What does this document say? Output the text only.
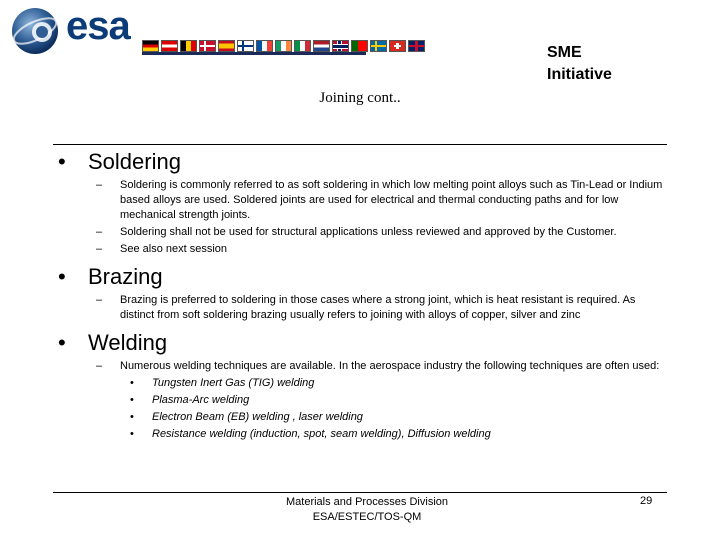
esa
SME
Initiative
Joining cont..
•	Soldering
–	Soldering is commonly referred to as soft soldering in which low melting point alloys such as Tin-Lead or Indium based alloys are used. Soldered joints are used for electrical and thermal conducting paths and for low mechanical strength joints.
–	Soldering shall not be used for structural applications unless reviewed and approved by the Customer.
–	See also next session
•	Brazing
–	Brazing is preferred to soldering in those cases where a strong joint, which is heat resistant is required. As distinct from soft soldering brazing usually refers to joining with alloys of copper, silver and zinc
•	Welding
–	Numerous welding techniques are available. In the aerospace industry the following techniques are often used:
•	Tungsten Inert Gas (TIG) welding
•	Plasma-Arc welding
•	Electron Beam (EB) welding , laser welding
•	Resistance welding (induction, spot, seam welding), Diffusion welding
Materials and Processes Division
ESA/ESTEC/TOS-QM
29
